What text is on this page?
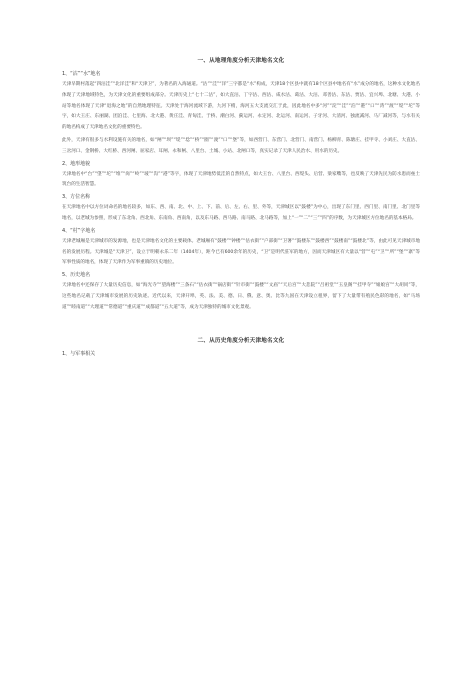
一、从地理角度分析天津地名文化
1、“沽”“水”地名

天津早期村落起“四沽洼”“北洋洼”和“天津卫”，为著名的入海通道。“沽”“洼”“洋”三字都是“水”构成，天津18个区县中就有18个区县中地名有“水”成分的地名，这种水文化地名体现了天津地域特色，为天津文化的重要组成部分。天津历史上“七十二沽”，如大直沽、丁字沽、西沽、咸水沽、葛沽、大沽、邓善沽、东沽、贾沽、宜兴埠、北塘、大港、小站等地名体现了天津“退海之地”的自然地理特征。天津处于海河流域下游，九河下梢，海河五大支流交汇于此，因此地名中多“河”“淀”“洼”“泊”“港”“口”“湾”“渡”“堤”“坨”等字，如大王庄、东丽湖、团泊洼、七里海、北大港、黄庄洼、青甸洼、于桥、潮白河、蓟运河、永定河、北运河、南运河、子牙河、大清河、独流减河、马厂减河等，与水有关的地名构成了天津地名文化的重要特色。

此外，天津有很多与水利设施有关的地名，如“闸”“坝”“堤”“埝”“桥”“圈”“渡”“口”“堡”等，如西营门、东营门、北营门、南营门、杨柳青、陈塘庄、挂甲寺、小刘庄、大直沽、三岔河口、金钢桥、大红桥、西河闸、屈家店、耳闸、永和闸、八里台、土城、小站、北闸口等，真实记录了天津人民治水、用水的历史。

2、地形地貌

天津地名中“台”“垡”“坨”“堆”“岗”“岭”“坡”“沟”“港”等字，体现了天津地势低洼的自然特点，如大王台、八里台、西堤头、后营、梁家嘴等，也反映了天津先民为防水患而垒土筑台的生活智慧。

3、方位名称

在天津地名中以方位词命名的地名较多，如东、西、南、北、中、上、下、前、后、左、右、里、外等，天津城区以“鼓楼”为中心，出现了东门里、西门里、南门里、北门里等地名，以老城为参照，形成了东北角、西北角、东南角、西南角，以及东马路、西马路、南马路、北马路等，加上“一”“二”“三”“四”的序数，为天津城区方位地名的基本格局。

4、“村”字地名

天津老城厢是天津城市的发源地，也是天津地名文化的主要载体。老城厢有“鼓楼”“钟楼”“估衣街”“户部街”“卫署”“鼓楼东”“鼓楼西”“鼓楼南”“鼓楼北”等，由此可见天津城市地名的发展历程。天津城是“天津卫”，设立于明朝永乐二年（1404年），距今已有600余年的历史，“卫”是明代驻军的地方，因而天津城区有大量以“营”“屯”“卫”“所”“堡”“寨”等军事性质的地名，体现了天津作为军事重镇的历史地位。

5、历史地名

天津地名中还保存了大量历史信息，如“海光寺”“望海楼”“三条石”“估衣街”“锅店街”“针市街”“鼓楼”“文庙”“天后宫”“大悲院”“吕祖堂”“玉皇阁”“挂甲寺”“娘娘宫”“大胡同”等，这些地名记载了天津城市发展的历史轨迹。近代以来，天津开埠，英、法、美、德、日、俄、意、奥、比等九国在天津设立租界，留下了大量带有殖民色彩的地名，如“马场道”“睦南道”“大理道”“常德道”“重庆道”“成都道”“五大道”等，成为天津独特的城市文化景观。

二、从历史角度分析天津地名文化
1、与军事相关
